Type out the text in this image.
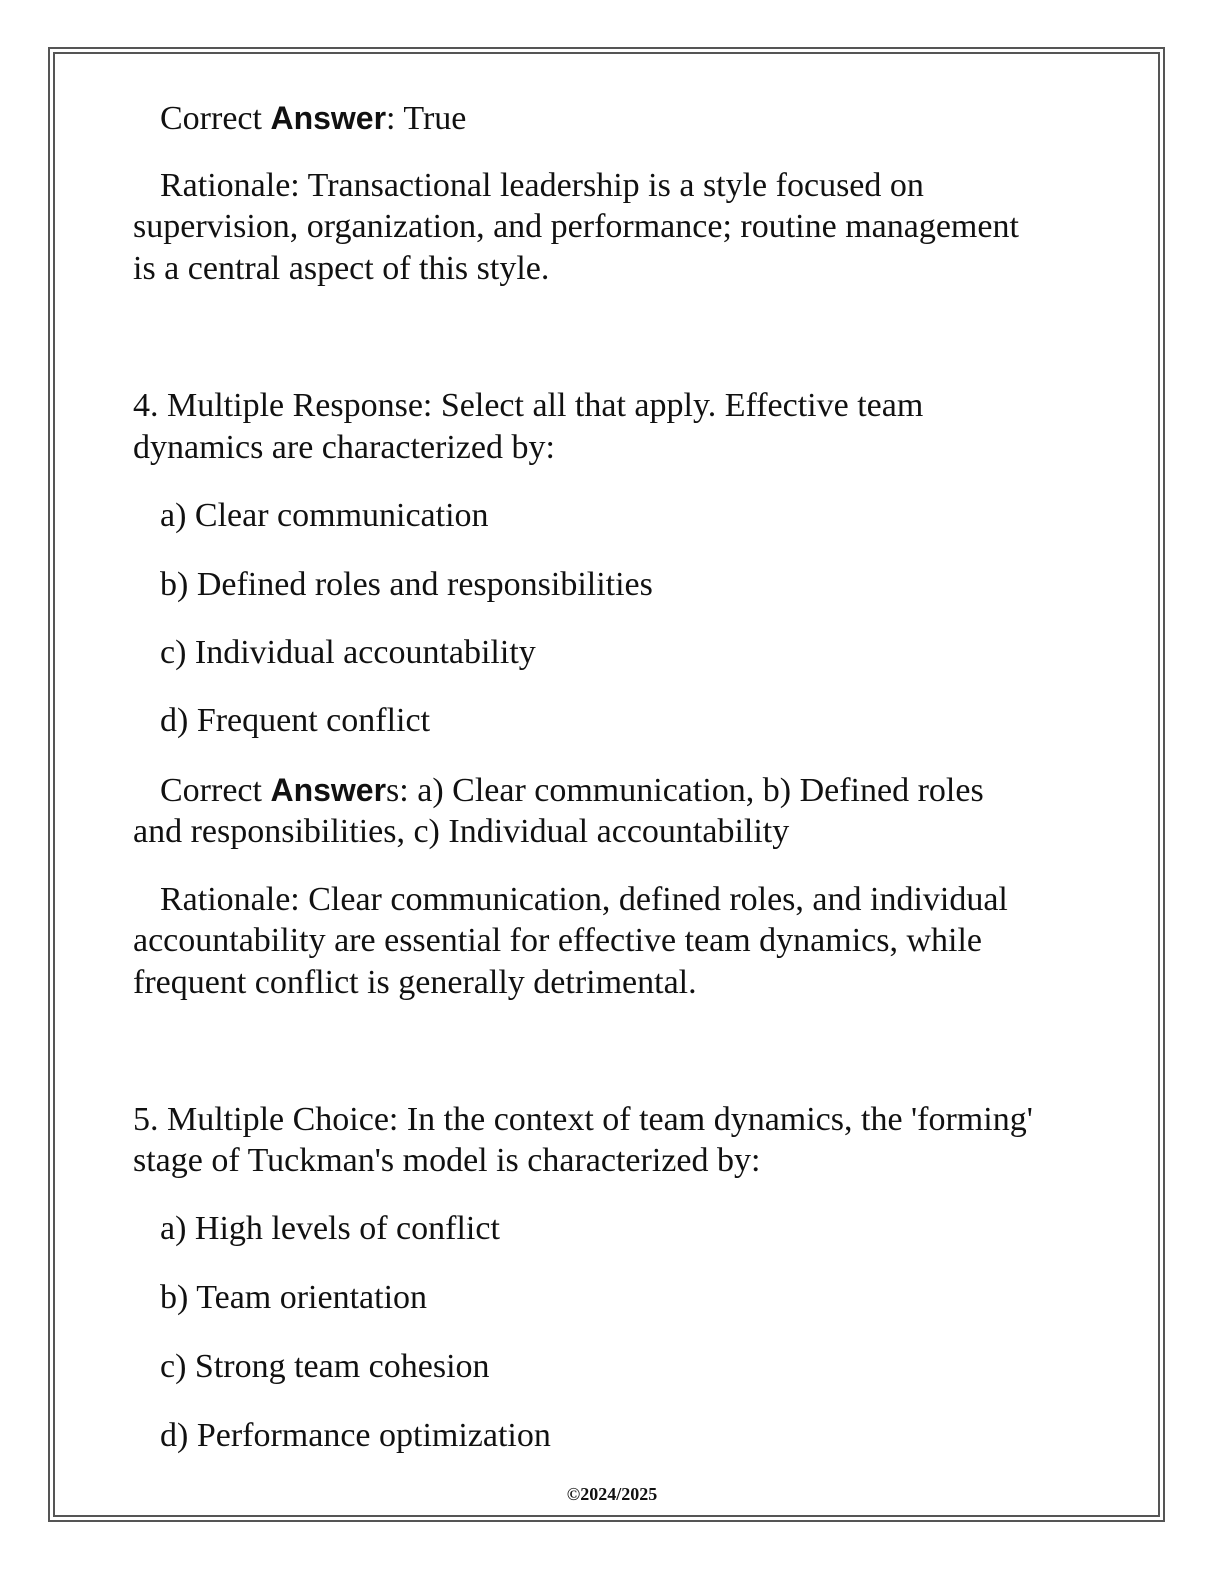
Correct Answer: True
Rationale: Transactional leadership is a style focused on
supervision, organization, and performance; routine management
is a central aspect of this style.
4. Multiple Response: Select all that apply. Effective team
dynamics are characterized by:
a) Clear communication
b) Defined roles and responsibilities
c) Individual accountability
d) Frequent conflict
Correct Answers: a) Clear communication, b) Defined roles
and responsibilities, c) Individual accountability
Rationale: Clear communication, defined roles, and individual
accountability are essential for effective team dynamics, while
frequent conflict is generally detrimental.
5. Multiple Choice: In the context of team dynamics, the 'forming'
stage of Tuckman's model is characterized by:
a) High levels of conflict
b) Team orientation
c) Strong team cohesion
d) Performance optimization
©2024/2025
